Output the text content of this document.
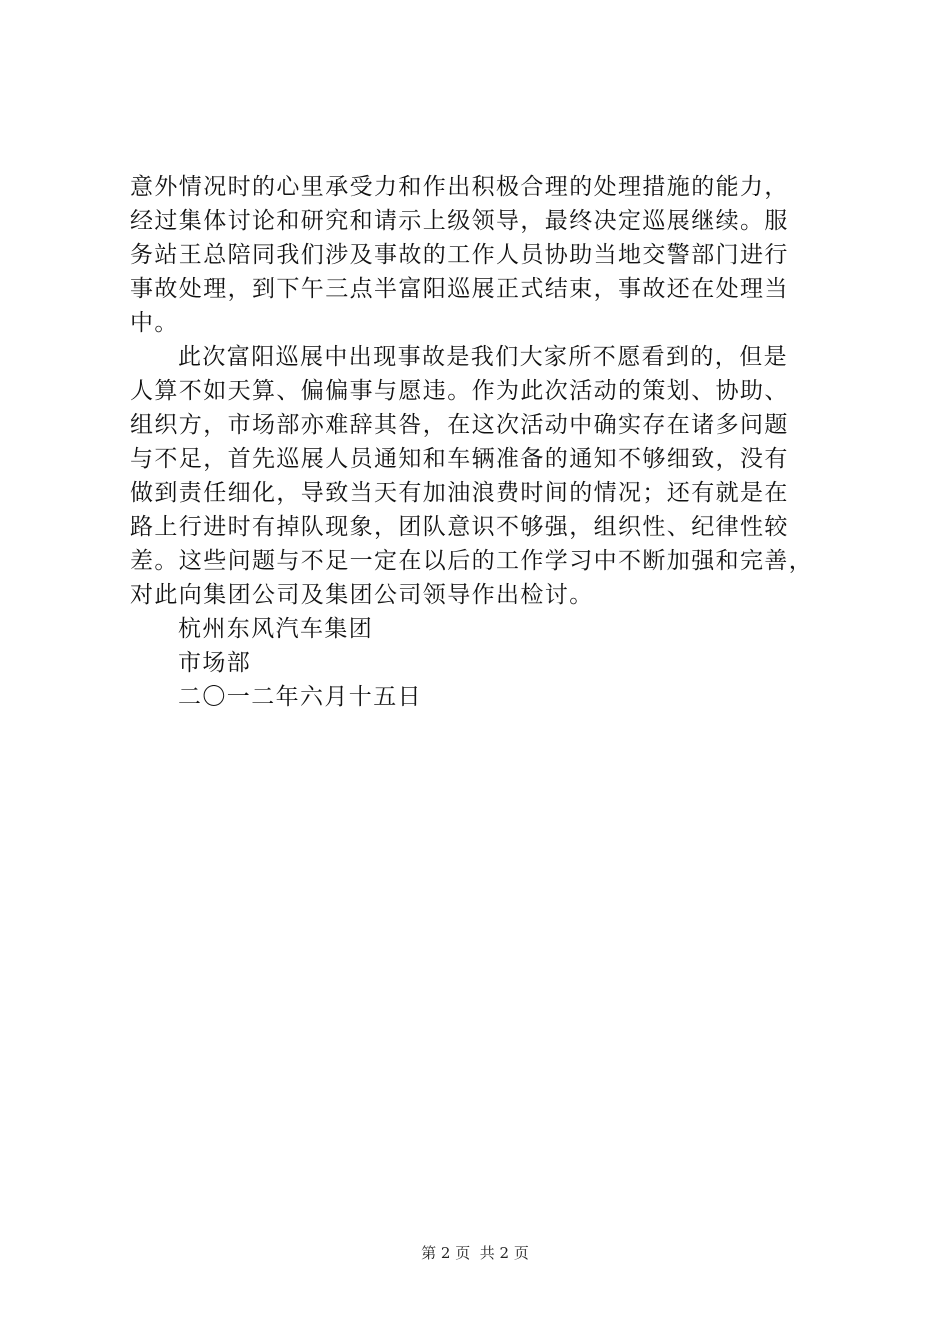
意外情况时的心里承受力和作出积极合理的处理措施的能力，
经过集体讨论和研究和请示上级领导，最终决定巡展继续。服
务站王总陪同我们涉及事故的工作人员协助当地交警部门进行
事故处理，到下午三点半富阳巡展正式结束，事故还在处理当
中。
此次富阳巡展中出现事故是我们大家所不愿看到的，但是
人算不如天算、偏偏事与愿违。作为此次活动的策划、协助、
组织方，市场部亦难辞其咎，在这次活动中确实存在诸多问题
与不足，首先巡展人员通知和车辆准备的通知不够细致，没有
做到责任细化，导致当天有加油浪费时间的情况；还有就是在
路上行进时有掉队现象，团队意识不够强，组织性、纪律性较
差。这些问题与不足一定在以后的工作学习中不断加强和完善，
对此向集团公司及集团公司领导作出检讨。
杭州东风汽车集团
市场部
二〇一二年六月十五日
第 2 页  共 2 页
